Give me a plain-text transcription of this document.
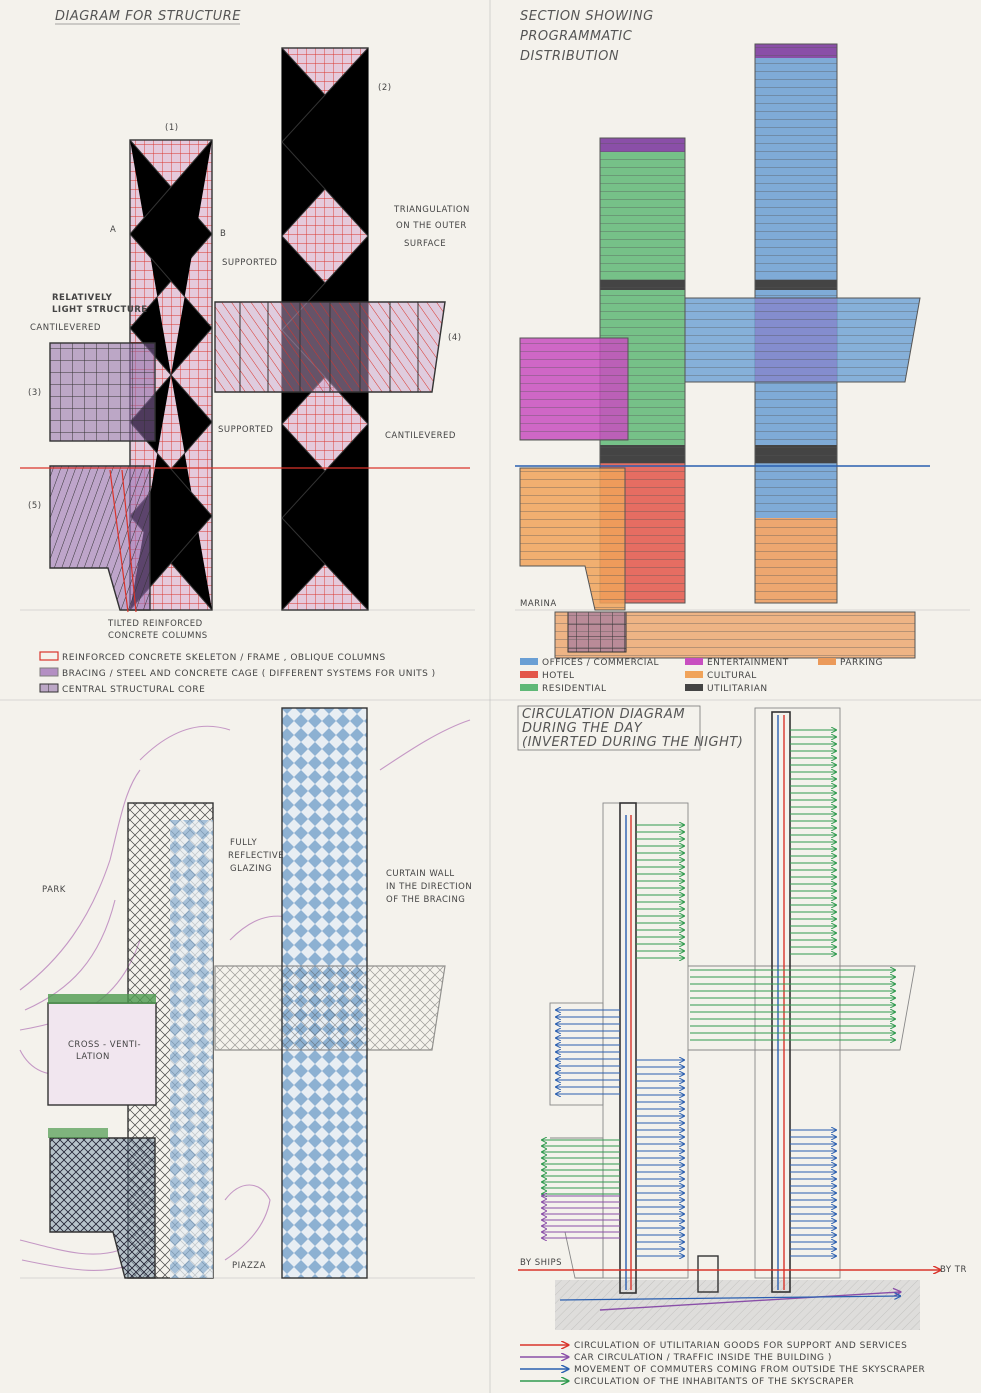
DIAGRAM FOR STRUCTURE
(1)
(2)
(3)
(4)
(5)
A	B
TRIANGULATION
ON THE OUTER
SURFACE
SUPPORTED
RELATIVELY
LIGHT STRUCTURE
CANTILEVERED
SUPPORTED
CANTILEVERED
TILTED REINFORCED
CONCRETE COLUMNS
REINFORCED CONCRETE SKELETON / FRAME , OBLIQUE COLUMNS
BRACING / STEEL AND CONCRETE CAGE ( DIFFERENT SYSTEMS FOR UNITS )
CENTRAL STRUCTURAL CORE
SECTION SHOWING
PROGRAMMATIC
DISTRIBUTION
MARINA
OFFICES / COMMERCIAL	ENTERTAINMENT	PARKING
HOTEL	CULTURAL
RESIDENTIAL	UTILITARIAN
PARK
FULLY
REFLECTIVE
GLAZING	CURTAIN WALL
IN THE DIRECTION
OF THE BRACING
CROSS - VENTI-
LATION
PIAZZA
CIRCULATION DIAGRAM
DURING THE DAY
(INVERTED DURING THE NIGHT)
BY SHIPS
BY TR
CIRCULATION OF UTILITARIAN GOODS FOR SUPPORT AND SERVICES
CAR CIRCULATION / TRAFFIC INSIDE THE BUILDING )
MOVEMENT OF COMMUTERS COMING FROM OUTSIDE THE SKYSCRAPER
CIRCULATION OF THE INHABITANTS OF THE SKYSCRAPER
